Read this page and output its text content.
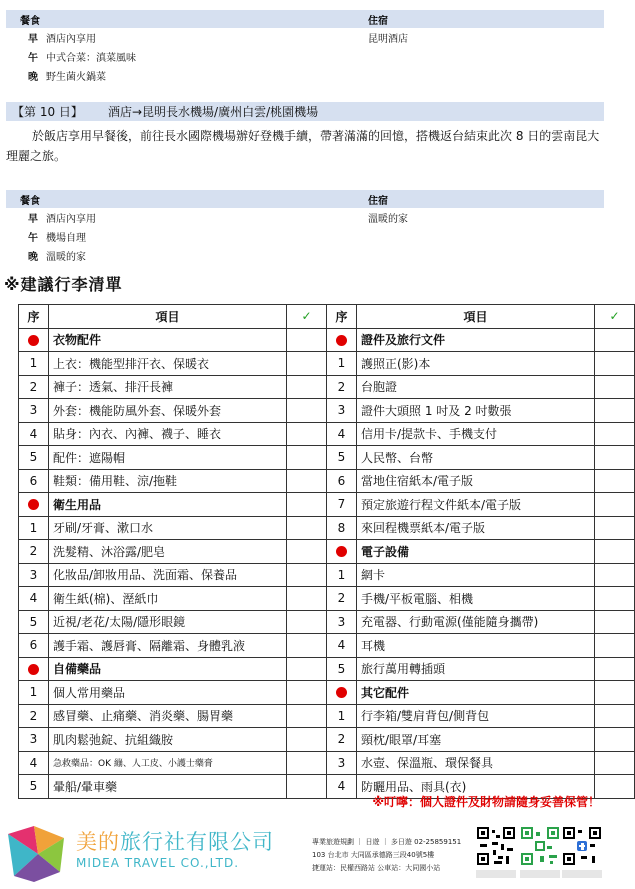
餐食	住宿
早 酒店內享用	昆明酒店
午 中式合菜：滇菜風味
晚 野生菌火鍋菜
【第 10 日】	酒店→昆明長水機場/廣州白雲/桃園機場

於飯店享用早餐後，前往長水國際機場辦好登機手續，帶著滿滿的回憶，搭機返台結束此次 8 日的雲南昆大理麗之旅。

餐食	住宿
早 酒店內享用	溫暖的家
午 機場自理
晚 溫暖的家
※建議行李清單
序	項目	✓	序	項目	✓
	衣物配件			證件及旅行文件	
1	上衣：機能型排汗衣、保暖衣		1	護照正(影)本	
2	褲子：透氣、排汗長褲		2	台胞證	
3	外套：機能防風外套、保暖外套		3	證件大頭照 1 吋及 2 吋數張	
4	貼身：內衣、內褲、襪子、睡衣		4	信用卡/提款卡、手機支付	
5	配件：遮陽帽		5	人民幣、台幣	
6	鞋類：備用鞋、涼/拖鞋		6	當地住宿紙本/電子版	
	衛生用品		7	預定旅遊行程文件紙本/電子版	
1	牙刷/牙膏、漱口水		8	來回程機票紙本/電子版	
2	洗髮精、沐浴露/肥皂			電子設備	
3	化妝品/卸妝用品、洗面霜、保養品		1	網卡	
4	衛生紙(棉)、溼紙巾		2	手機/平板電腦、相機	
5	近視/老花/太陽/隱形眼鏡		3	充電器、行動電源(僅能隨身攜帶)	
6	護手霜、護唇膏、隔離霜、身體乳液		4	耳機	
	自備藥品		5	旅行萬用轉插頭	
1	個人常用藥品			其它配件	
2	感冒藥、止痛藥、消炎藥、腸胃藥		1	行李箱/雙肩背包/側背包	
3	肌肉鬆弛錠、抗組織胺		2	頸枕/眼罩/耳塞	
4	急救藥品：OK 繃、人工皮、小護士藥膏		3	水壺、保溫瓶、環保餐具	
5	暈船/暈車藥		4	防曬用品、雨具(衣)	
※叮嚀：個人證件及財物請隨身妥善保管！
美的旅行社有限公司
MIDEA TRAVEL CO.,LTD.
專業旅遊規劃 ｜ 日遊 ｜ 多日遊 02-25859151
103 台北市 大同區承德路三段40號5樓
捷運站：民權西路站 公車站：大同國小站
